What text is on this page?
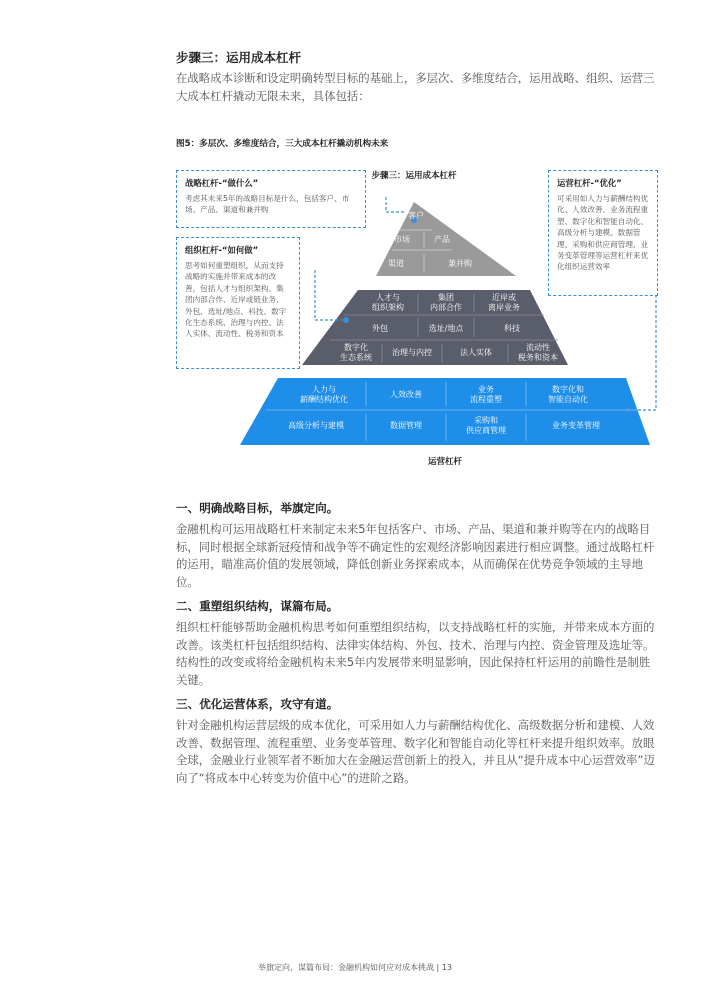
步骤三：运用成本杠杆
在战略成本诊断和设定明确转型目标的基础上，多层次、多维度结合，运用战略、组织、运营三大成本杠杆撬动无限未来，具体包括：
图5：多层次、多维度结合，三大成本杠杆撬动机构未来
步骤三：运用成本杠杆
运营杠杆
客户
市场	产品
渠道	兼并购
人才与组织架构
集团内部合作
近岸或离岸业务
外包	选址/地点	科技
数字化生态系统
治理与内控	法人实体
流动性税务和资本
人力与薪酬结构优化
人效改善
业务流程重塑
数字化和智能自动化
高级分析与建模	数据管理
采购和供应商管理
业务变革管理
战略杠杆-“做什么”
考虑其未来5年的战略目标是什么，包括客户、市场、产品、渠道和兼并购
组织杠杆-“如何做”
思考如何重塑组织，从而支持战略的实施并带来成本的改善，包括人才与组织架构、集团内部合作、近岸或链业务、外包、选址/地点、科技、数字化生态系统、治理与内控、法人实体、流动性、税务和资本
运营杠杆-“优化”
可采用如人力与薪酬结构优化、人效改善、业务流程重塑、数字化和智能自动化、高级分析与建模、数据管理、采购和供应商管理、业务变革管理等运营杠杆来优化组织运营效率
一、明确战略目标，举旗定向。
金融机构可运用战略杠杆来制定未来5年包括客户、市场、产品、渠道和兼并购等在内的战略目标，同时根据全球新冠疫情和战争等不确定性的宏观经济影响因素进行相应调整。通过战略杠杆的运用，瞄准高价值的发展领域，降低创新业务探索成本，从而确保在优势竞争领域的主导地位。
二、重塑组织结构，谋篇布局。
组织杠杆能够帮助金融机构思考如何重塑组织结构，以支持战略杠杆的实施，并带来成本方面的改善。该类杠杆包括组织结构、法律实体结构、外包、技术、治理与内控、资金管理及选址等。结构性的改变或将给金融机构未来5年内发展带来明显影响，因此保持杠杆运用的前瞻性是制胜关键。
三、优化运营体系，攻守有道。
针对金融机构运营层级的成本优化，可采用如人力与薪酬结构优化、高级数据分析和建模、人效改善、数据管理、流程重塑、业务变革管理、数字化和智能自动化等杠杆来提升组织效率。放眼全球，金融业行业领军者不断加大在金融运营创新上的投入，并且从“提升成本中心运营效率”迈向了“将成本中心转变为价值中心”的进阶之路。
举旗定向，谋篇布局：金融机构如何应对成本挑战 | 13
